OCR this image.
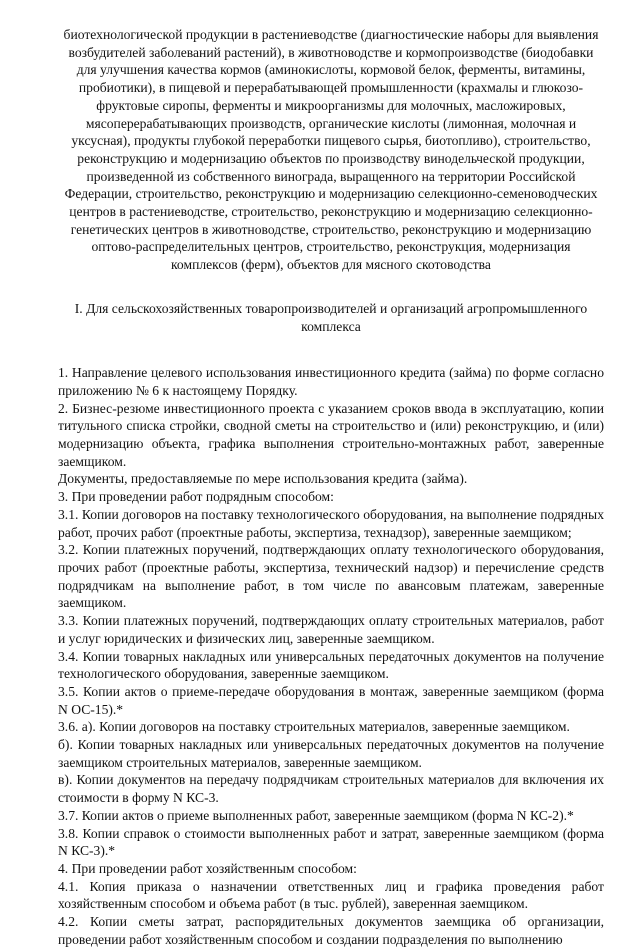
биотехнологической продукции в растениеводстве (диагностические наборы для выявления возбудителей заболеваний растений), в животноводстве и кормопроизводстве (биодобавки для улучшения качества кормов (аминокислоты, кормовой белок, ферменты, витамины, пробиотики), в пищевой и перерабатывающей промышленности (крахмалы и глюкозо-фруктовые сиропы, ферменты и микроорганизмы для молочных, масложировых, мясоперерабатывающих производств, органические кислоты (лимонная, молочная и уксусная), продукты глубокой переработки пищевого сырья, биотопливо), строительство, реконструкцию и модернизацию объектов по производству винодельческой продукции, произведенной из собственного винограда, выращенного на территории Российской Федерации, строительство, реконструкцию и модернизацию селекционно-семеноводческих центров в растениеводстве, строительство, реконструкцию и модернизацию селекционно-генетических центров в животноводстве, строительство, реконструкцию и модернизацию оптово-распределительных центров, строительство, реконструкция, модернизация комплексов (ферм), объектов для мясного скотоводства

I. Для сельскохозяйственных товаропроизводителей и организаций агропромышленного комплекса

1. Направление целевого использования инвестиционного кредита (займа) по форме согласно приложению № 6 к настоящему Порядку.

2. Бизнес-резюме инвестиционного проекта с указанием сроков ввода в эксплуатацию, копии титульного списка стройки, сводной сметы на строительство и (или) реконструкцию, и (или) модернизацию объекта, графика выполнения строительно-монтажных работ, заверенные заемщиком.

Документы, предоставляемые по мере использования кредита (займа).

3. При проведении работ подрядным способом:

3.1. Копии договоров на поставку технологического оборудования, на выполнение подрядных работ, прочих работ (проектные работы, экспертиза, технадзор), заверенные заемщиком;

3.2. Копии платежных поручений, подтверждающих оплату технологического оборудования, прочих работ (проектные работы, экспертиза, технический надзор) и перечисление средств подрядчикам на выполнение работ, в том числе по авансовым платежам, заверенные заемщиком.

3.3. Копии платежных поручений, подтверждающих оплату строительных материалов, работ и услуг юридических и физических лиц, заверенные заемщиком.

3.4. Копии товарных накладных или универсальных передаточных документов на получение технологического оборудования, заверенные заемщиком.

3.5. Копии актов о приеме-передаче оборудования в монтаж, заверенные заемщиком (форма N ОС-15).*

3.6. а). Копии договоров на поставку строительных материалов, заверенные заемщиком.

б). Копии товарных накладных или универсальных передаточных документов на получение заемщиком строительных материалов, заверенные заемщиком.

в). Копии документов на передачу подрядчикам строительных материалов для включения их стоимости в форму N КС-3.

3.7. Копии актов о приеме выполненных работ, заверенные заемщиком (форма N КС-2).*

3.8. Копии справок о стоимости выполненных работ и затрат, заверенные заемщиком (форма N КС-3).*

4. При проведении работ хозяйственным способом:

4.1. Копия приказа о назначении ответственных лиц и графика проведения работ хозяйственным способом и объема работ (в тыс. рублей), заверенная заемщиком.

4.2. Копии сметы затрат, распорядительных документов заемщика об организации, проведении работ хозяйственным способом и создании подразделения по выполнению
